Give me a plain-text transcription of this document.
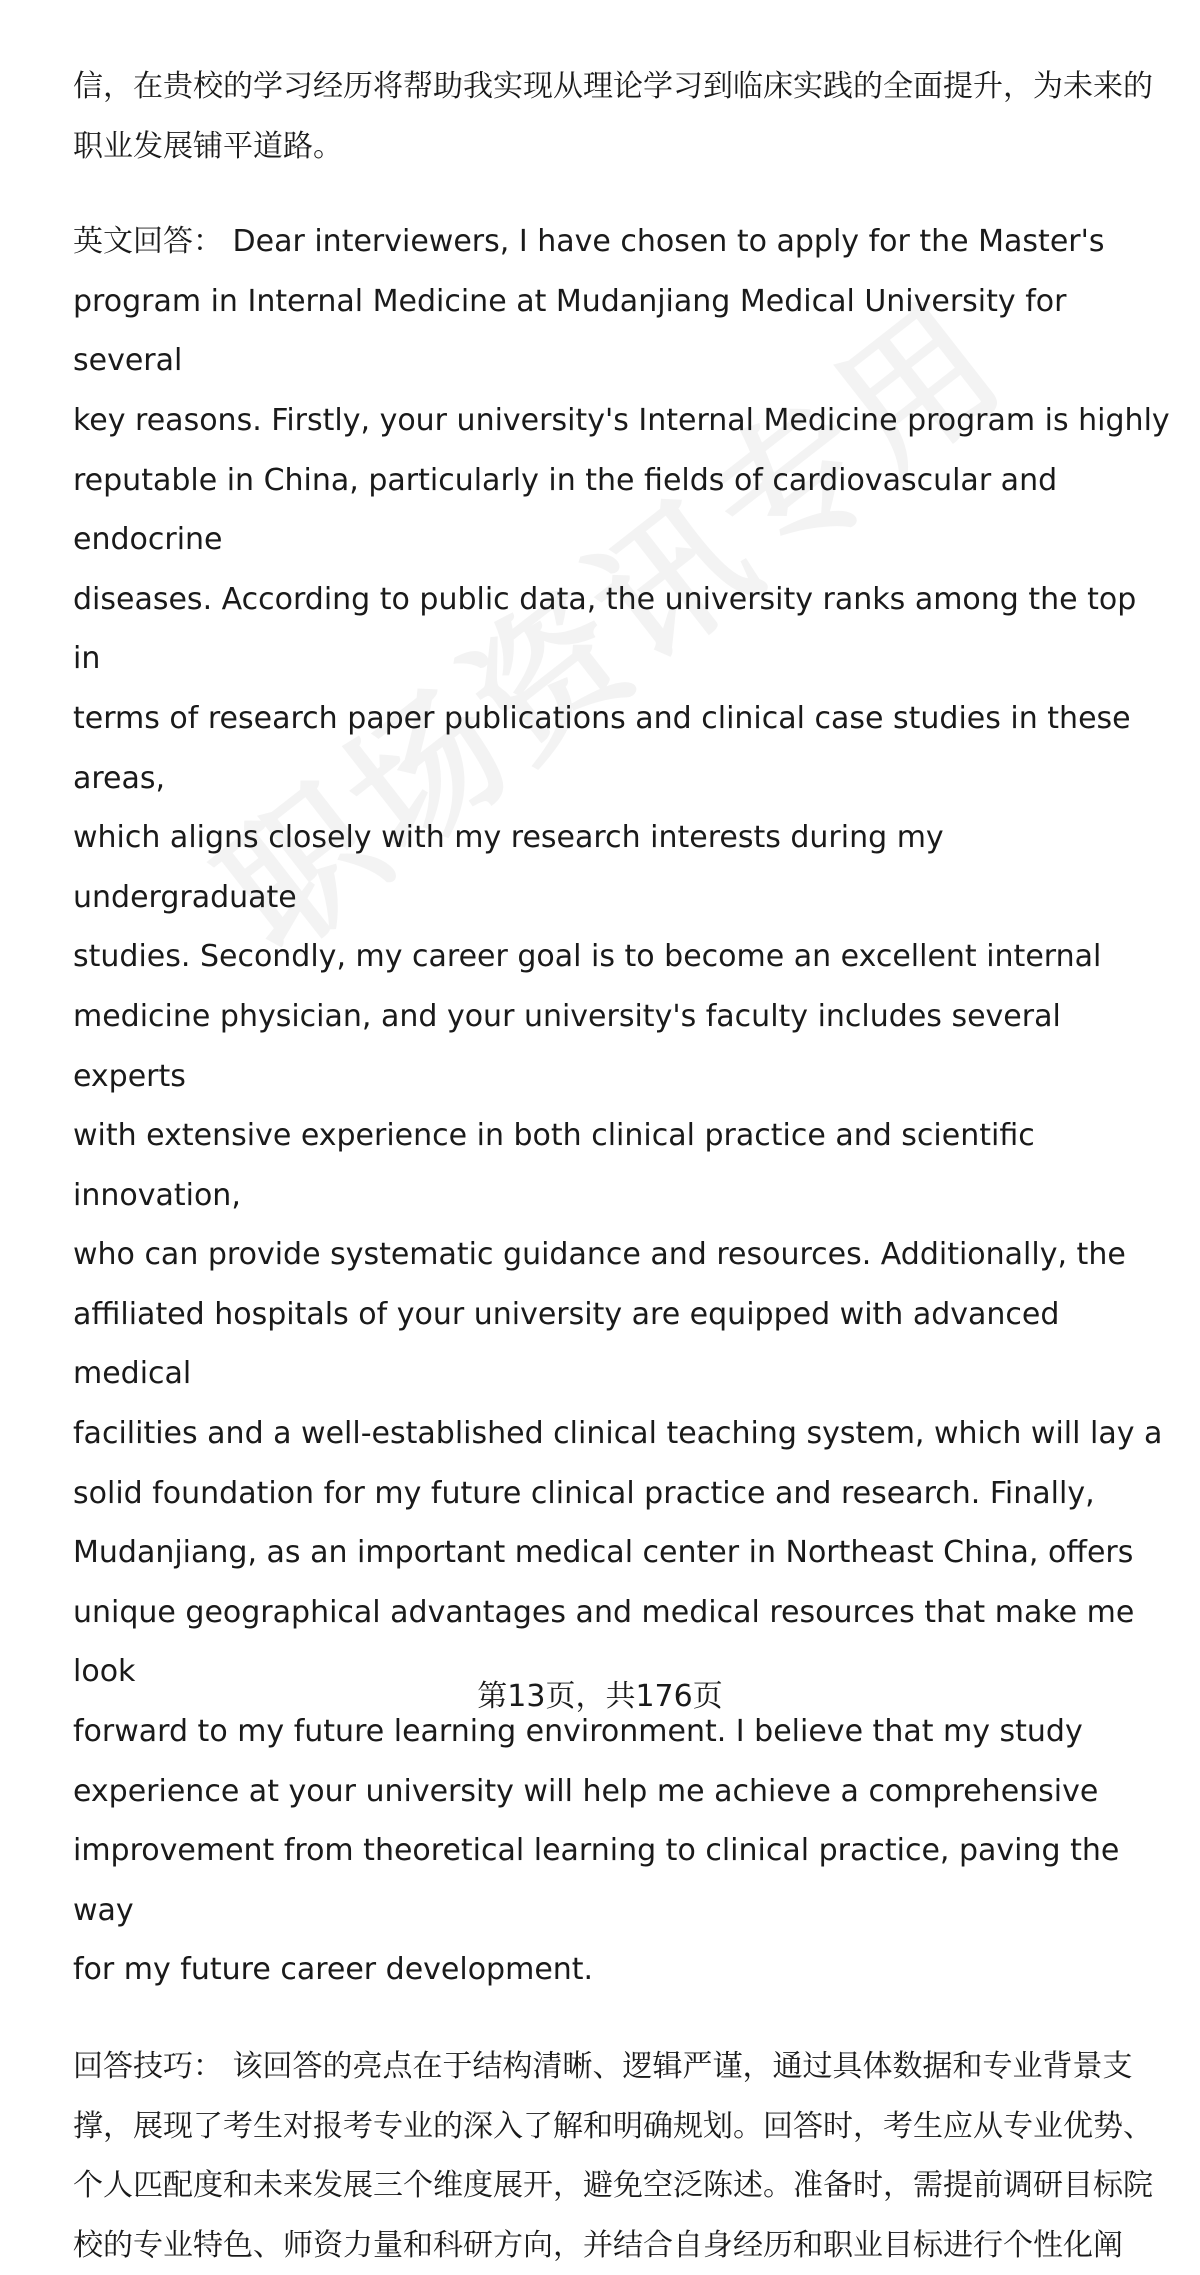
信，在贵校的学习经历将帮助我实现从理论学习到临床实践的全面提升，为未来的
职业发展铺平道路。

英文回答： Dear interviewers, I have chosen to apply for the Master's
program in Internal Medicine at Mudanjiang Medical University for several
key reasons. Firstly, your university's Internal Medicine program is highly
reputable in China, particularly in the fields of cardiovascular and endocrine
diseases. According to public data, the university ranks among the top in
terms of research paper publications and clinical case studies in these areas,
which aligns closely with my research interests during my undergraduate
studies. Secondly, my career goal is to become an excellent internal
medicine physician, and your university's faculty includes several experts
with extensive experience in both clinical practice and scientific innovation,
who can provide systematic guidance and resources. Additionally, the
affiliated hospitals of your university are equipped with advanced medical
facilities and a well-established clinical teaching system, which will lay a
solid foundation for my future clinical practice and research. Finally,
Mudanjiang, as an important medical center in Northeast China, offers
unique geographical advantages and medical resources that make me look
forward to my future learning environment. I believe that my study
experience at your university will help me achieve a comprehensive
improvement from theoretical learning to clinical practice, paving the way
for my future career development.

回答技巧： 该回答的亮点在于结构清晰、逻辑严谨，通过具体数据和专业背景支
撑，展现了考生对报考专业的深入了解和明确规划。回答时，考生应从专业优势、
个人匹配度和未来发展三个维度展开，避免空泛陈述。准备时，需提前调研目标院
校的专业特色、师资力量和科研方向，并结合自身经历和职业目标进行个性化阐

第13页，共176页
